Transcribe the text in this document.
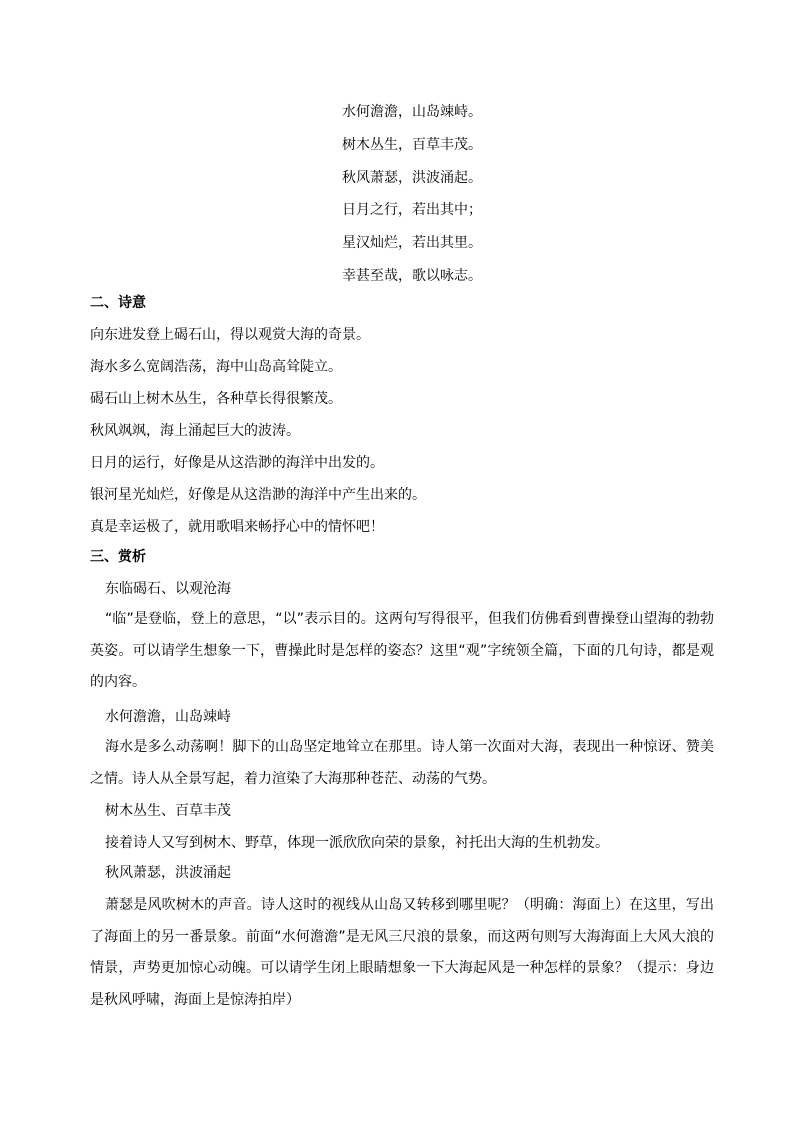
水何澹澹，山岛竦峙。
树木丛生，百草丰茂。
秋风萧瑟，洪波涌起。
日月之行，若出其中；
星汉灿烂，若出其里。
幸甚至哉，歌以咏志。
二、诗意
向东进发登上碣石山，得以观赏大海的奇景。
海水多么宽阔浩荡，海中山岛高耸陡立。
碣石山上树木丛生，各种草长得很繁茂。
秋风飒飒，海上涌起巨大的波涛。
日月的运行，好像是从这浩渺的海洋中出发的。
银河星光灿烂，好像是从这浩渺的海洋中产生出来的。
真是幸运极了，就用歌唱来畅抒心中的情怀吧！
三、赏析
东临碣石、以观沧海
“临”是登临，登上的意思，“以”表示目的。这两句写得很平，但我们仿佛看到曹操登山望海的勃勃英姿。可以请学生想象一下，曹操此时是怎样的姿态？这里“观”字统领全篇，下面的几句诗，都是观的内容。
水何澹澹，山岛竦峙
海水是多么动荡啊！脚下的山岛坚定地耸立在那里。诗人第一次面对大海，表现出一种惊讶、赞美之情。诗人从全景写起，着力渲染了大海那种苍茫、动荡的气势。
树木丛生、百草丰茂
接着诗人又写到树木、野草，体现一派欣欣向荣的景象，衬托出大海的生机勃发。
秋风萧瑟，洪波涌起
萧瑟是风吹树木的声音。诗人这时的视线从山岛又转移到哪里呢？（明确：海面上）在这里，写出了海面上的另一番景象。前面“水何澹澹”是无风三尺浪的景象，而这两句则写大海海面上大风大浪的情景，声势更加惊心动魄。可以请学生闭上眼睛想象一下大海起风是一种怎样的景象？（提示：身边是秋风呼啸，海面上是惊涛拍岸）
